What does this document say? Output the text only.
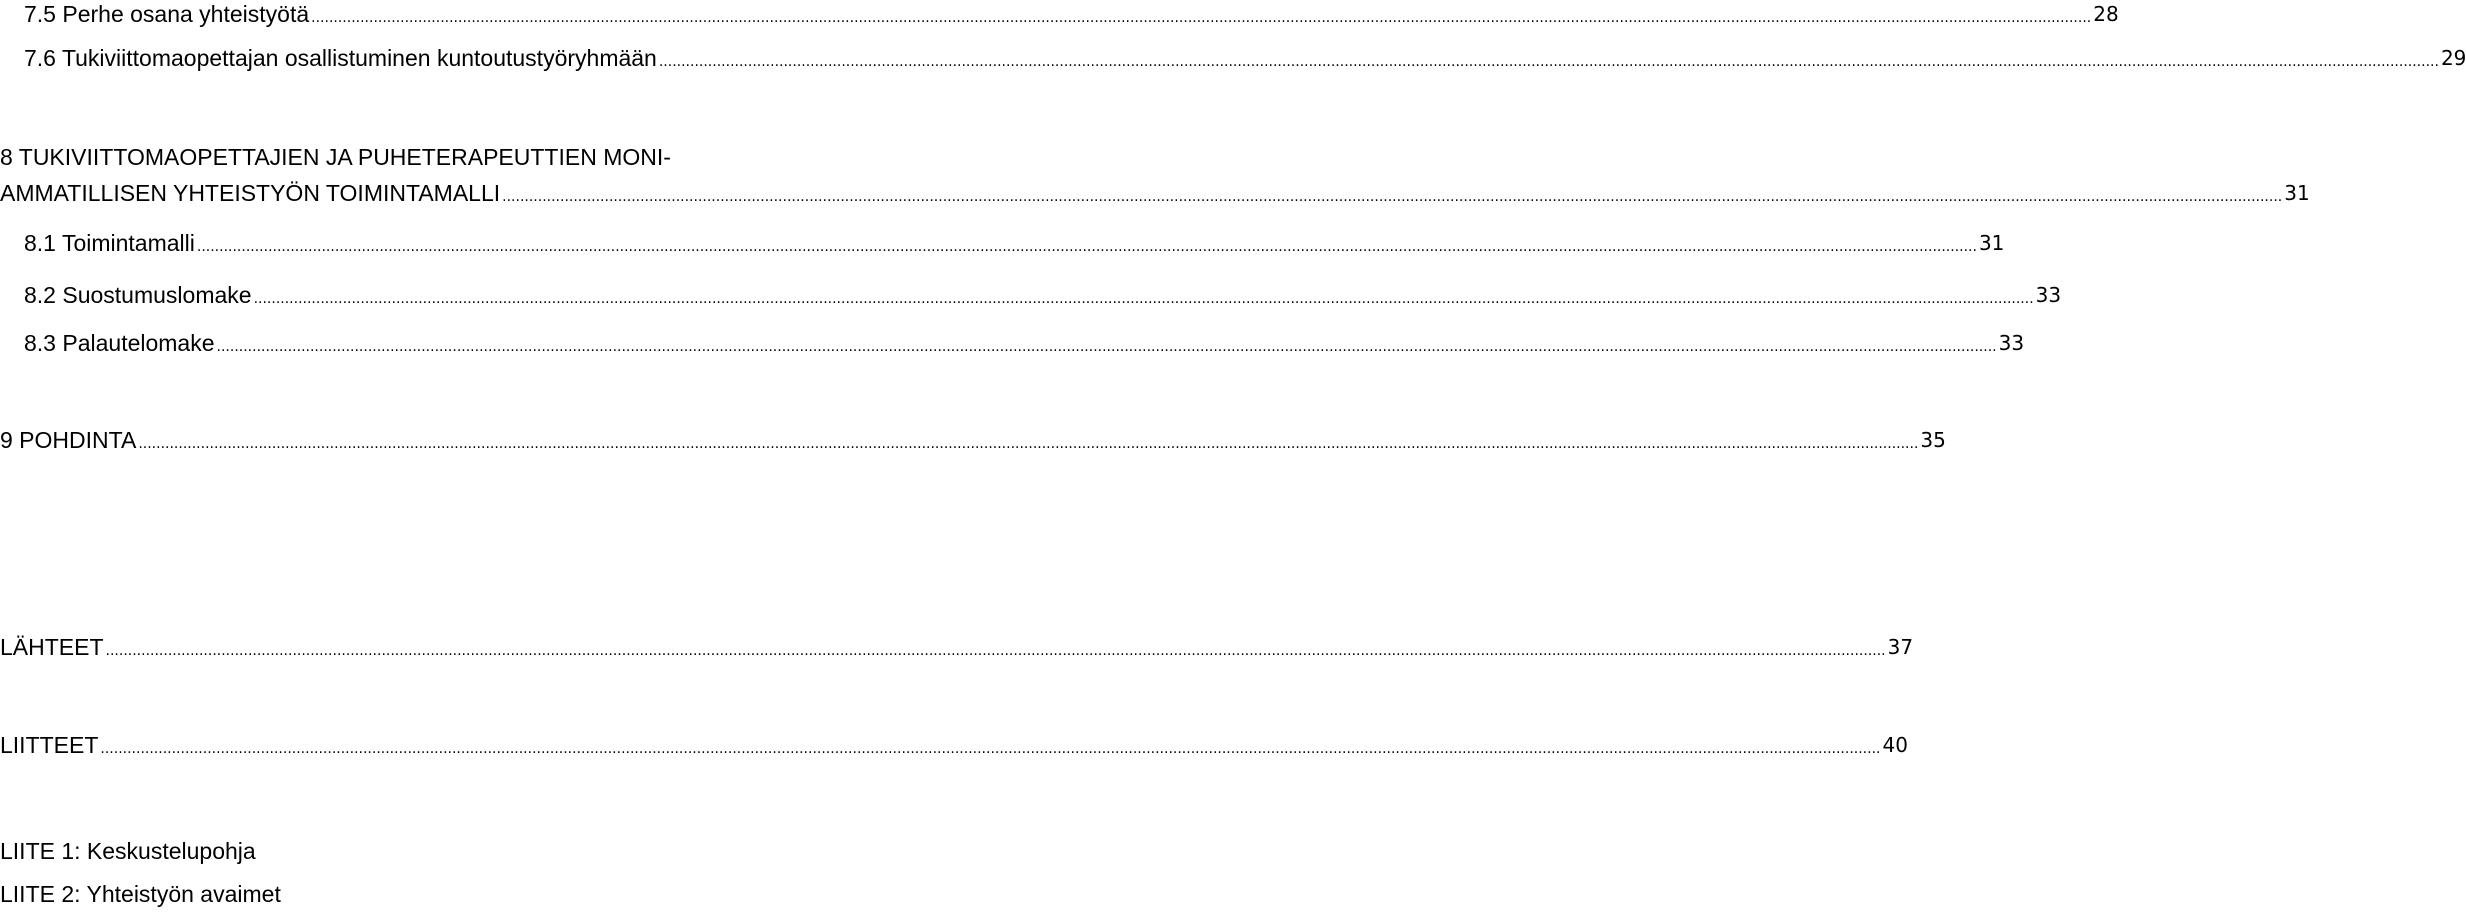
7.5 Perhe osana yhteistyötä ................................................................................................................................................................................................................................................................................................................................................................................................................ 28
7.6 Tukiviittomaopettajan osallistuminen kuntoutustyöryhmään ................................................................................................................................................................................................................................................................................................................................................................................................................ 29
8 TUKIVIITTOMAOPETTAJIEN JA PUHETERAPEUTTIEN MONI-
AMMATILLISEN YHTEISTYÖN TOIMINTAMALLI ................................................................................................................................................................................................................................................................................................................................................................................................................ 31
8.1 Toimintamalli ................................................................................................................................................................................................................................................................................................................................................................................................................ 31
8.2 Suostumuslomake ................................................................................................................................................................................................................................................................................................................................................................................................................ 33
8.3 Palautelomake ................................................................................................................................................................................................................................................................................................................................................................................................................ 33
9 POHDINTA ................................................................................................................................................................................................................................................................................................................................................................................................................ 35
LÄHTEET ................................................................................................................................................................................................................................................................................................................................................................................................................ 37
LIITTEET ................................................................................................................................................................................................................................................................................................................................................................................................................ 40
LIITE 1: Keskustelupohja
LIITE 2: Yhteistyön avaimet
